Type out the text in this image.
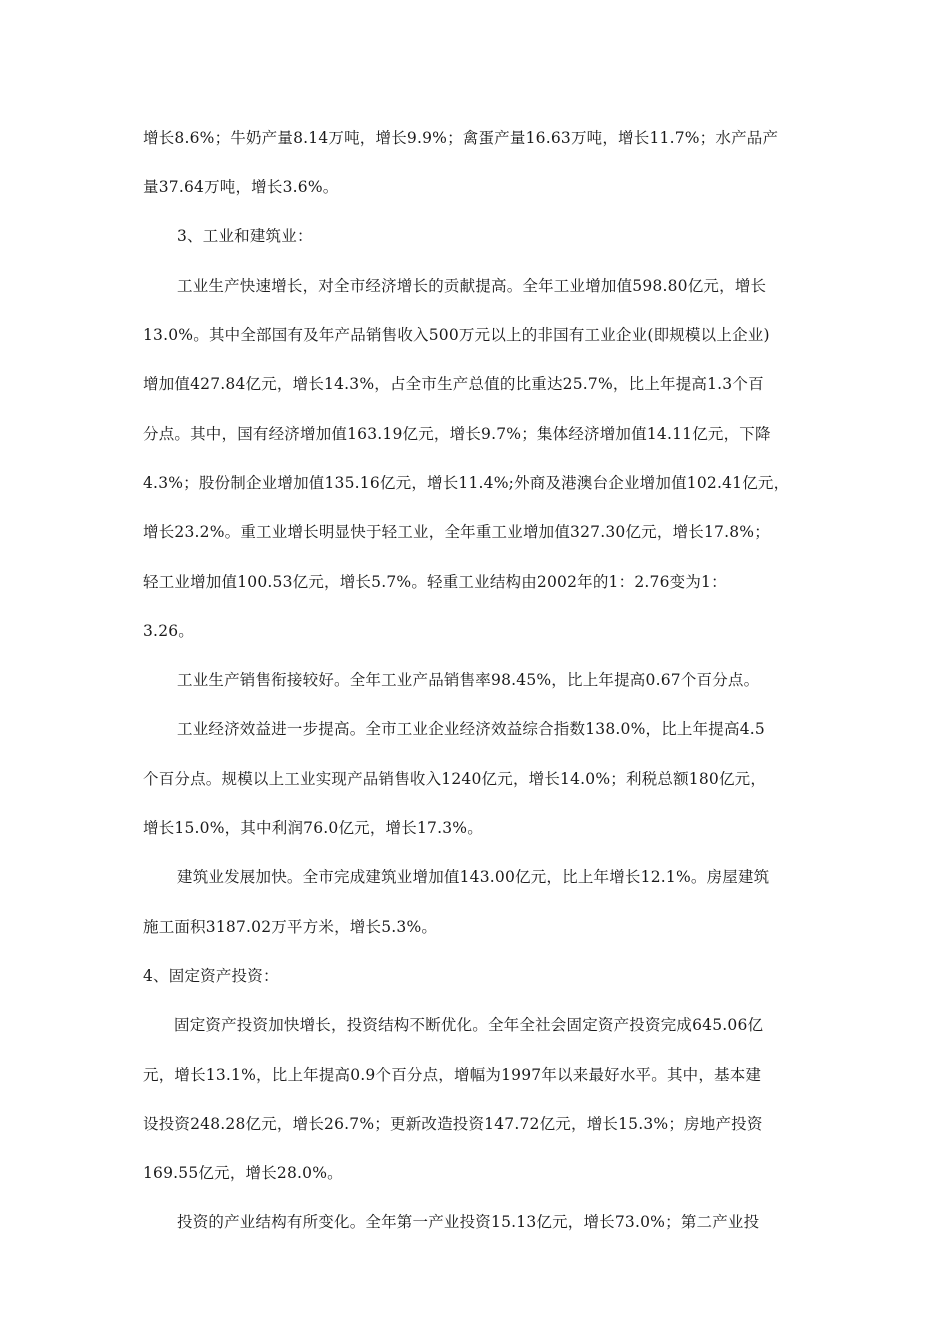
增长8.6%；牛奶产量8.14万吨，增长9.9%；禽蛋产量16.63万吨，增长11.7%；水产品产
量37.64万吨，增长3.6%。
3、工业和建筑业：
工业生产快速增长，对全市经济增长的贡献提高。全年工业增加值598.80亿元，增长
13.0%。其中全部国有及年产品销售收入500万元以上的非国有工业企业(即规模以上企业)
增加值427.84亿元，增长14.3%，占全市生产总值的比重达25.7%，比上年提高1.3个百
分点。其中，国有经济增加值163.19亿元，增长9.7%；集体经济增加值14.11亿元，下降
4.3%；股份制企业增加值135.16亿元，增长11.4%;外商及港澳台企业增加值102.41亿元，
增长23.2%。重工业增长明显快于轻工业，全年重工业增加值327.30亿元，增长17.8%；
轻工业增加值100.53亿元，增长5.7%。轻重工业结构由2002年的1：2.76变为1：
3.26。
工业生产销售衔接较好。全年工业产品销售率98.45%，比上年提高0.67个百分点。
工业经济效益进一步提高。全市工业企业经济效益综合指数138.0%，比上年提高4.5
个百分点。规模以上工业实现产品销售收入1240亿元，增长14.0%；利税总额180亿元，
增长15.0%，其中利润76.0亿元，增长17.3%。
建筑业发展加快。全市完成建筑业增加值143.00亿元，比上年增长12.1%。房屋建筑
施工面积3187.02万平方米，增长5.3%。
4、固定资产投资：
固定资产投资加快增长，投资结构不断优化。全年全社会固定资产投资完成645.06亿
元，增长13.1%，比上年提高0.9个百分点，增幅为1997年以来最好水平。其中，基本建
设投资248.28亿元，增长26.7%；更新改造投资147.72亿元，增长15.3%；房地产投资
169.55亿元，增长28.0%。
投资的产业结构有所变化。全年第一产业投资15.13亿元，增长73.0%；第二产业投
